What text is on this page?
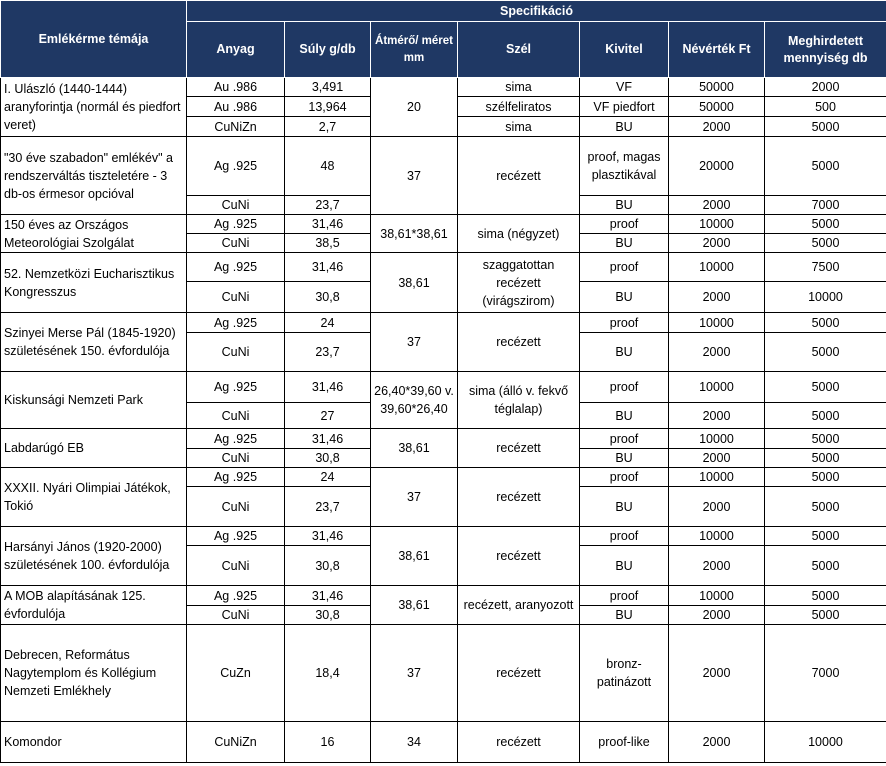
Emlékérme témája	Specifikáció						
	Anyag	Súly g/db	Átmérő/ méret mm	Szél	Kivitel	Névérték Ft	Meghirdetett mennyiség db
I. Ulászló (1440-1444) aranyforintja (normál és piedfort veret)	Au .986	3,491	20	sima	VF	50000	2000
	Au .986	13,964		szélfeliratos	VF piedfort	50000	500
	CuNiZn	2,7		sima	BU	2000	5000
"30 éve szabadon" emlékév" a rendszerváltás tiszteletére - 3 db-os érmesor opcióval	Ag .925	48	37	recézett	proof, magas plasztikával	20000	5000
	CuNi	23,7			BU	2000	7000
150 éves az Országos Meteorológiai Szolgálat	Ag .925	31,46	38,61*38,61	sima (négyzet)	proof	10000	5000
	CuNi	38,5			BU	2000	5000
52. Nemzetközi Eucharisztikus Kongresszus	Ag .925	31,46	38,61	szaggatottan recézett (virágszirom)	proof	10000	7500
	CuNi	30,8			BU	2000	10000
Szinyei Merse Pál (1845-1920) születésének 150. évfordulója	Ag .925	24	37	recézett	proof	10000	5000
	CuNi	23,7			BU	2000	5000
Kiskunsági Nemzeti Park	Ag .925	31,46	26,40*39,60 v. 39,60*26,40	sima (álló v. fekvő téglalap)	proof	10000	5000
	CuNi	27			BU	2000	5000
Labdarúgó EB	Ag .925	31,46	38,61	recézett	proof	10000	5000
	CuNi	30,8			BU	2000	5000
XXXII. Nyári Olimpiai Játékok, Tokió	Ag .925	24	37	recézett	proof	10000	5000
	CuNi	23,7			BU	2000	5000
Harsányi János (1920-2000) születésének 100. évfordulója	Ag .925	31,46	38,61	recézett	proof	10000	5000
	CuNi	30,8			BU	2000	5000
A MOB alapításának 125. évfordulója	Ag .925	31,46	38,61	recézett, aranyozott	proof	10000	5000
	CuNi	30,8			BU	2000	5000
Debrecen, Református Nagytemplom és Kollégium Nemzeti Emlékhely	CuZn	18,4	37	recézett	bronz-patinázott	2000	7000
Komondor	CuNiZn	16	34	recézett	proof-like	2000	10000
